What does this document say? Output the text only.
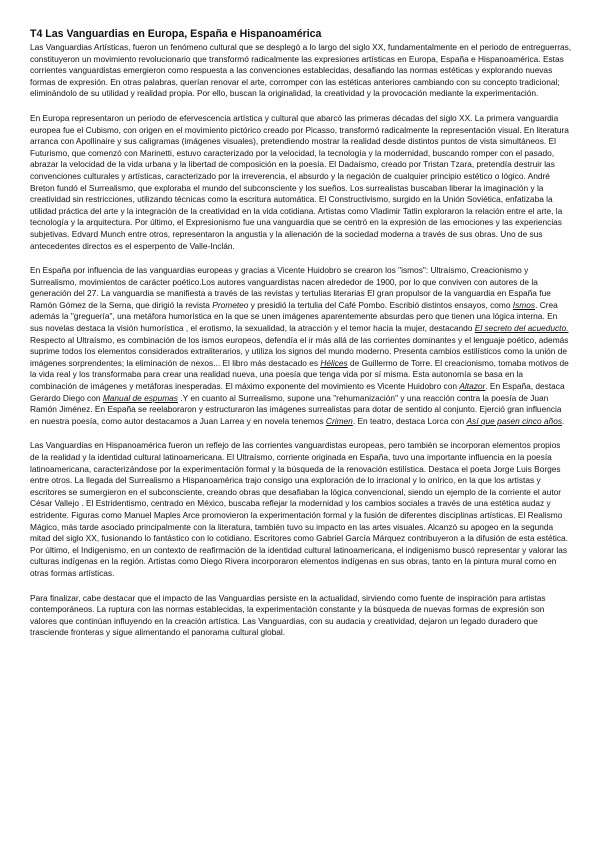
T4 Las Vanguardias en Europa, España e Hispanoamérica

Las Vanguardias Artísticas, fueron un fenómeno cultural que se desplegó a lo largo del siglo XX, fundamentalmente en el periodo de entreguerras, constituyeron un movimiento revolucionario que transformó radicalmente las expresiones artísticas en Europa, España e Hispanoamérica. Estas corrientes vanguardistas emergieron como respuesta a las convenciones establecidas, desafiando las normas estéticas y explorando nuevas formas de expresión. En otras palabras, querían renovar el arte, corromper con las estéticas anteriores cambiando con su concepto tradicional; eliminándolo de su utilidad y realidad propia. Por ello, buscan la originalidad, la creatividad y la provocación mediante la experimentación.

En Europa representaron un periodo de efervescencia artística y cultural que abarcó las primeras décadas del siglo XX. La primera vanguardia europea fue el Cubismo, con origen en el movimiento pictórico creado por Picasso, transformó radicalmente la representación visual. En literatura arranca con Apollinaire y sus caligramas (imágenes visuales), pretendiendo mostrar la realidad desde distintos puntos de vista simultáneos. El Futurismo, que comenzó con Marinetti, estuvo caracterizado por la velocidad, la tecnología y la modernidad, buscando romper con el pasado, abrazar la velocidad de la vida urbana y la libertad de composición en la poesía. El Dadaísmo, creado por Tristan Tzara, pretendía destruir las convenciones culturales y artísticas, caracterizado por la irreverencia, el absurdo y la negación de cualquier principio estético o lógico. André Breton fundó el Surrealismo, que exploraba el mundo del subconsciente y los sueños. Los surrealistas buscaban liberar la imaginación y la creatividad sin restricciones, utilizando técnicas como la escritura automática. El Constructivismo, surgido en la Unión Soviética, enfatizaba la utilidad práctica del arte y la integración de la creatividad en la vida cotidiana. Artistas como Vladimir Tatlin exploraron la relación entre el arte, la tecnología y la arquitectura. Por último, el Expresionismo fue una vanguardia que se centró en la expresión de las emociones y las experiencias subjetivas. Edvard Munch entre otros, representaron la angustia y la alienación de la sociedad moderna a través de sus obras. Uno de sus antecedentes directos es el esperpento de Valle-Inclán.

En España por influencia de las vanguardias europeas y gracias a Vicente Huidobro se crearon los "ismos": Ultraísmo, Creacionismo y Surrealismo, movimientos de carácter poético.Los autores vanguardistas nacen alrededor de 1900, por lo que conviven con autores de la generación del 27. La vanguardia se manifiesta a través de las revistas y tertulias literarias El gran propulsor de la vanguardia en España fue Ramón Gómez de la Serna, que dirigió la revista Prometeo y presidió la tertulia del Café Pombo. Escribió distintos ensayos, como Ismos. Crea además la "greguería", una metáfora humorística en la que se unen imágenes aparentemente absurdas pero que tienen una lógica interna. En sus novelas destaca la visión humorística , el erotismo, la sexualidad, la atracción y el temor hacia la mujer, destacando El secreto del acueducto. Respecto al Ultraísmo, es combinación de los ismos europeos, defendía el ir más allá de las corrientes dominantes y el lenguaje poético, además suprime todos los elementos considerados extraliterarios, y utiliza los signos del mundo moderno. Presenta cambios estilísticos como la unión de imágenes sorprendentes; la eliminación de nexos... El libro más destacado es Hélices de Guillermo de Torre. El creacionismo, tomaba motivos de la vida real y los transformaba para crear una realidad nueva, una poesía que tenga vida por sí misma. Esta autonomía se basa en la combinación de imágenes y metáforas inesperadas. El máximo exponente del movimiento es Vicente Huidobro con Altazor. En España, destaca Gerardo Diego con Manual de espumas .Y en cuanto al Surrealismo, supone una "rehumanización" y una reacción contra la poesía de Juan Ramón Jiménez. En España se reelaboraron y estructuraron las imágenes surrealistas para dotar de sentido al conjunto. Ejerció gran influencia en nuestra poesía, como autor destacamos a Juan Larrea y en novela tenemos Crimen. En teatro, destaca Lorca con Así que pasen cinco años.

Las Vanguardias en Hispanoamérica fueron un reflejo de las corrientes vanguardistas europeas, pero también se incorporan elementos propios de la realidad y la identidad cultural latinoamericana. El Ultraísmo, corriente originada en España, tuvo una importante influencia en la poesía latinoamericana, caracterizándose por la experimentación formal y la búsqueda de la renovación estilística. Destaca el poeta Jorge Luis Borges entre otros. La llegada del Surrealismo a Hispanoamérica trajo consigo una exploración de lo irracional y lo onírico, en la que los artistas y escritores se sumergieron en el subconsciente, creando obras que desafiaban la lógica convencional, siendo un ejemplo de la corriente el autor César Vallejo . El Estridentismo, centrado en México, buscaba reflejar la modernidad y los cambios sociales a través de una estética audaz y estridente. Figuras como Manuel Maples Arce promovieron la experimentación formal y la fusión de diferentes disciplinas artísticas. El Realismo Mágico, más tarde asociado principalmente con la literatura, también tuvo su impacto en las artes visuales. Alcanzó su apogeo en la segunda mitad del siglo XX, fusionando lo fantástico con lo cotidiano. Escritores como Gabriel García Márquez contribuyeron a la difusión de esta estética. Por último, el Indigenismo, en un contexto de reafirmación de la identidad cultural latinoamericana, el indigenismo buscó representar y valorar las culturas indígenas en la región. Artistas como Diego Rivera incorporaron elementos indígenas en sus obras, tanto en la pintura mural como en otras formas artísticas.

Para finalizar, cabe destacar que el impacto de las Vanguardias persiste en la actualidad, sirviendo como fuente de inspiración para artistas contemporáneos. La ruptura con las normas establecidas, la experimentación constante y la búsqueda de nuevas formas de expresión son valores que continúan influyendo en la creación artística. Las Vanguardias, con su audacia y creatividad, dejaron un legado duradero que trasciende fronteras y sigue alimentando el panorama cultural global.
